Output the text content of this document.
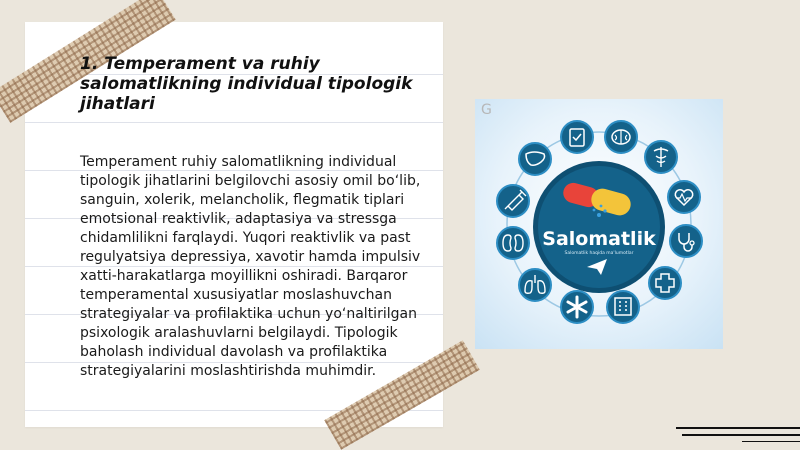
1. Temperament va ruhiy salomatlikning individual tipologik jihatlari

Temperament ruhiy salomatlikning individual tipologik jihatlarini belgilovchi asosiy omil bo‘lib, sanguin, xolerik, melancholik, flegmatik tiplari emotsional reaktivlik, adaptasiya va stressga chidamlilikni farqlaydi. Yuqori reaktivlik va past regulyatsiya depressiya, xavotir hamda impulsiv xatti-harakatlarga moyillikni oshiradi. Barqaror temperamental xususiyatlar moslashuvchan strategiyalar va profilaktika uchun yo‘naltirilgan psixologik aralashuvlarni belgilaydi. Tipologik baholash individual davolash va profilaktika strategiyalarini moslashtirishda muhimdir.

G
Salomatlik
Salomatlik haqida ma'lumotlar
